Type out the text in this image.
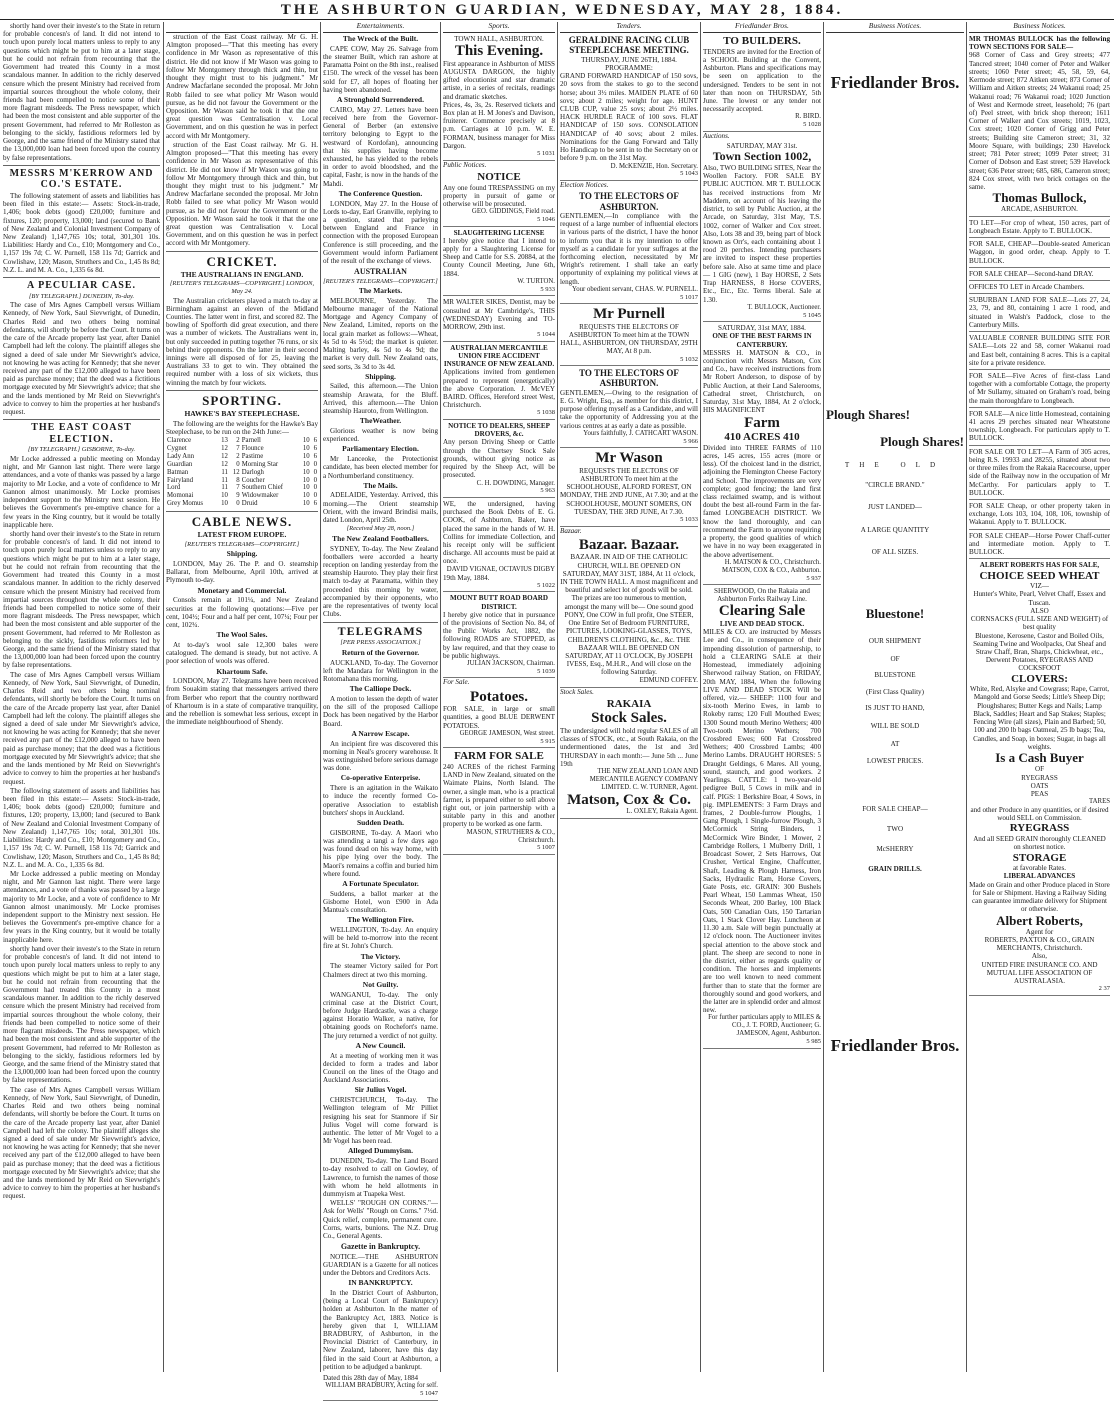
THE ASHBURTON GUARDIAN, WEDNESDAY, MAY 28, 1884.
Entertainments.	Sports.	Tenders.	Friedlander Bros.	Business Notices.	Business Notices.

shortly hand over their investe's to the State in return for probable concesn's of land. It did not intend to touch upon purely local matters unless to reply to any questions which might be put to him at a later stage, but he could not refrain from recounting that the Government had treated this County in a most scandalous manner. In addition to the richly deserved censure which the present Ministry had received from impartial sources throughout the whole colony, their friends had been compelled to notice some of their more flagrant misdeeds. The Press newspaper, which had been the most consistent and able supporter of the present Government, had referred to Mr Rolleston as belonging to the sickly, fastidious reformers led by George, and the same friend of the Ministry stated that the 13,000,000 loan had been forced upon the country by false representations.

MESSRS M'KERROW AND CO.'S ESTATE.

The following statement of assets and liabilities has been filed in this estate:— Assets: Stock-in-trade, 1,406; book debts (good) £20,000; furniture and fixtures, 120; property, 13,000; land (secured to Bank of New Zealand and Colonial Investment Company of New Zealand) 1,147,765 10s; total, 301,301 10s. Liabilities: Hardy and Co., £10; Montgomery and Co., 1,157 19s 7d; C. W. Purnell, 158 11s 7d; Garrick and Cowlishaw, 120; Mason, Struthers and Co., 1,45 8s 8d; N.Z. L. and M. A. Co., 1,335 6s 8d.

A PECULIAR CASE.
[BY TELEGRAPH.] DUNEDIN, To-day.

The case of Mrs Agnes Campbell versus William Kennedy, of New York, Saul Sievwright, of Dunedin, Charles Reid and two others being nominal defendants, will shortly be before the Court. It turns on the care of the Arcade property last year, after Daniel Campbell had left the colony. The plaintiff alleges she signed a deed of sale under Mr Sievwright's advice, not knowing he was acting for Kennedy; that she never received any part of the £12,000 alleged to have been paid as purchase money; that the deed was a fictitious mortgage executed by Mr Sievwright's advice; that she and the lands mentioned by Mr Reid on Sievwright's advice to convey to him the properties at her husband's request.

THE EAST COAST ELECTION.
[BY TELEGRAPH.] GISBORNE, To-day.

Mr Locke addressed a public meeting on Monday night, and Mr Gannon last night. There were large attendances, and a vote of thanks was passed by a large majority to Mr Locke, and a vote of confidence to Mr Gannon almost unanimously. Mr Locke promises independent support to the Ministry next session. He believes the Government's pre-emptive chance for a few years in the King country, but it would be totally inapplicable here.

shortly hand over their investe's to the State in return for probable concesn's of land. It did not intend to touch upon purely local matters unless to reply to any questions which might be put to him at a later stage, but he could not refrain from recounting that the Government had treated this County in a most scandalous manner. In addition to the richly deserved censure which the present Ministry had received from impartial sources throughout the whole colony, their friends had been compelled to notice some of their more flagrant misdeeds. The Press newspaper, which had been the most consistent and able supporter of the present Government, had referred to Mr Rolleston as belonging to the sickly, fastidious reformers led by George, and the same friend of the Ministry stated that the 13,000,000 loan had been forced upon the country by false representations.

The case of Mrs Agnes Campbell versus William Kennedy, of New York, Saul Sievwright, of Dunedin, Charles Reid and two others being nominal defendants, will shortly be before the Court. It turns on the care of the Arcade property last year, after Daniel Campbell had left the colony. The plaintiff alleges she signed a deed of sale under Mr Sievwright's advice, not knowing he was acting for Kennedy; that she never received any part of the £12,000 alleged to have been paid as purchase money; that the deed was a fictitious mortgage executed by Mr Sievwright's advice; that she and the lands mentioned by Mr Reid on Sievwright's advice to convey to him the properties at her husband's request.

The following statement of assets and liabilities has been filed in this estate:— Assets: Stock-in-trade, 1,406; book debts (good) £20,000; furniture and fixtures, 120; property, 13,000; land (secured to Bank of New Zealand and Colonial Investment Company of New Zealand) 1,147,765 10s; total, 301,301 10s. Liabilities: Hardy and Co., £10; Montgomery and Co., 1,157 19s 7d; C. W. Purnell, 158 11s 7d; Garrick and Cowlishaw, 120; Mason, Struthers and Co., 1,45 8s 8d; N.Z. L. and M. A. Co., 1,335 6s 8d.

Mr Locke addressed a public meeting on Monday night, and Mr Gannon last night. There were large attendances, and a vote of thanks was passed by a large majority to Mr Locke, and a vote of confidence to Mr Gannon almost unanimously. Mr Locke promises independent support to the Ministry next session. He believes the Government's pre-emptive chance for a few years in the King country, but it would be totally inapplicable here.

shortly hand over their investe's to the State in return for probable concesn's of land. It did not intend to touch upon purely local matters unless to reply to any questions which might be put to him at a later stage, but he could not refrain from recounting that the Government had treated this County in a most scandalous manner. In addition to the richly deserved censure which the present Ministry had received from impartial sources throughout the whole colony, their friends had been compelled to notice some of their more flagrant misdeeds. The Press newspaper, which had been the most consistent and able supporter of the present Government, had referred to Mr Rolleston as belonging to the sickly, fastidious reformers led by George, and the same friend of the Ministry stated that the 13,000,000 loan had been forced upon the country by false representations.

The case of Mrs Agnes Campbell versus William Kennedy, of New York, Saul Sievwright, of Dunedin, Charles Reid and two others being nominal defendants, will shortly be before the Court. It turns on the care of the Arcade property last year, after Daniel Campbell had left the colony. The plaintiff alleges she signed a deed of sale under Mr Sievwright's advice, not knowing he was acting for Kennedy; that she never received any part of the £12,000 alleged to have been paid as purchase money; that the deed was a fictitious mortgage executed by Mr Sievwright's advice; that she and the lands mentioned by Mr Reid on Sievwright's advice to convey to him the properties at her husband's request.

struction of the East Coast railway. Mr G. H. Almgton proposed—"That this meeting has every confidence in Mr Wason as representative of this district. He did not know if Mr Wason was going to follow Mr Montgomery through thick and thin, but thought they might trust to his judgment." Mr Andrew Macfarlane seconded the proposal. Mr John Robb failed to see what policy Mr Wason would pursue, as he did not favour the Government or the Opposition. Mr Wason said he took it that the one great question was Centralisation v. Local Government, and on this question he was in perfect accord with Mr Montgomery.

struction of the East Coast railway. Mr G. H. Almgton proposed—"That this meeting has every confidence in Mr Wason as representative of this district. He did not know if Mr Wason was going to follow Mr Montgomery through thick and thin, but thought they might trust to his judgment." Mr Andrew Macfarlane seconded the proposal. Mr John Robb failed to see what policy Mr Wason would pursue, as he did not favour the Government or the Opposition. Mr Wason said he took it that the one great question was Centralisation v. Local Government, and on this question he was in perfect accord with Mr Montgomery.

CRICKET.
THE AUSTRALIANS IN ENGLAND.
[REUTER'S TELEGRAMS—COPYRIGHT.] LONDON, May 24.

The Australian cricketers played a match to-day at Birmingham against an eleven of the Midland Counties. The latter went in first, and scored 82. The bowling of Spofforth did great execution, and there was a number of wickets. The Australians went in, but only succeeded in putting together 76 runs, or six behind their opponents. On the latter in their second innings were all disposed of for 25, leaving the Australians 33 to get to win. They obtained the required number with a loss of six wickets, thus winning the match by four wickets.

SPORTING.
HAWKE'S BAY STEEPLECHASE.

The following are the weights for the Hawke's Bay Steeplechase, to be run on the 24th June:—

Clarence	13	2	Parnell	10	6
Cygnet	12	7	Flounce	10	6
Lady Ann	12	2	Pastime	10	6
Guardian	12	0	Morning Star	10	0
Batman	11	12	Darlogh	10	0
Fairyland	11	8	Coucher	10	0
Lord	11	7	Southern Chief	10	0
Momonai	10	9	Widowmaker	10	0
Grey Momus	10	0	Druid	10	6
CABLE NEWS.
LATEST FROM EUROPE.
[REUTER'S TELEGRAMS—COPYRIGHT.]
Shipping.

LONDON, May 26. The P. and O. steamship Ballarat, from Melbourne, April 10th, arrived at Plymouth to-day.

Monetary and Commercial.

Consols remain at 101¼, and New Zealand securities at the following quotations:—Five per cent, 104½; Four and a half per cent, 107¼; Four per cent, 102¾.

The Wool Sales.

At to-day's wool sale 12,300 bales were catalogued. The demand is steady, but not active. A poor selection of wools was offered.

Khartoum Safe.

LONDON, May 27. Telegrams have been received from Souakim stating that messengers arrived there from Berber who report that the country northward of Khartoum is in a state of comparative tranquility, and the rebellion is somewhat less serious, except in the immediate neighbourhood of Shendy.

The Wreck of the Built.

CAPE COW, May 26. Salvage from the steamer Built, which ran ashore at Paramatta Point on the 8th inst., realised £150. The wreck of the vessel has been sold for £7, all hopes of floating her having been abandoned.

A Stronghold Surrendered.

CAIRO, May 27. Letters have been received here from the Governor-General of Berber (an extensive territory belonging to Egypt to the westward of Kordofan), announcing that his supplies having become exhausted, he has yielded to the rebels in order to avoid bloodshed, and the capital, Fashr, is now in the hands of the Mahdi.

The Conference Question.

LONDON, May 27. In the House of Lords to-day, Earl Granville, replying to a question, stated that parleying between England and France in connection with the proposed European Conference is still proceeding, and the Government would inform Parliament of the result of the exchange of views.

AUSTRALIAN
[REUTER'S TELEGRAMS—COPYRIGHT.]
The Markets.

MELBOURNE, Yesterday. The Melbourne manager of the National Mortgage and Agency Company of New Zealand, Limited, reports on the local grain market as follows:—Wheat, 4s 5d to 4s 5½d; the market is quieter. Malting barley, 4s 5d to 4s 9d; the market is very dull. New Zealand oats, seed sorts, 3s 3d to 3s 4d.

Shipping.

Sailed, this afternoon.—The Union steamship Arawata, for the Bluff. Arrived, this afternoon.—The Union steamship Hauroto, from Wellington.

TheWeather.

Glorious weather is now being experienced.

Parliamentary Election.

Mr Lanceoke, the Protectionist candidate, has been elected member for a Northumberland constituency.

The Mails.

ADELAIDE, Yesterday. Arrived, this morning.—The Orient steamship Orient, with the inward Brindisi mails, dated London, April 25th.

[Received May 28, noon.]
The New Zealand Footballers.

SYDNEY, To-day. The New Zealand footballers were accorded a hearty reception on landing yesterday from the steamship Hauroto. They play their first match to-day at Paramatta, within they proceeded this morning by water, accompanied by their opponents, who are the representatives of twenty local Clubs.

TELEGRAMS
[PER PRESS ASSOCIATION.]
Return of the Governor.

AUCKLAND, To-day. The Governor left the Mandara for Wellington in the Rotomahana this morning.

The Calliope Dock.

A motion to lessen the depth of water on the sill of the proposed Calliope Dock has been negatived by the Harbor Board.

A Narrow Escape.

An incipient fire was discovered this morning in Neal's grocery warehouse. It was extinguished before serious damage was done.

Co-operative Enterprise.

There is an agitation in the Waikato to induce the recently formed Co-operative Association to establish butchers' shops in Auckland.

Sudden Death.

GISBORNE, To-day. A Maori who was attending a tangi a few days ago was found dead on his way home, with his pipe lying over the body. The Maori's remains a coffin and buried him where found.

A Fortunate Speculator.

Suddens, a ballot marker at the Gisborne Hotel, won £900 in Ada Mantua's consultation.

The Wellington Fire.

WELLINGTON, To-day. An enquiry will be held to-morrow into the recent fire at St. John's Church.

The Victory.

The steamer Victory sailed for Port Chalmers direct at two this morning.

Not Guilty.

WANGANUI, To-day. The only criminal case at the District Court, before Judge Hardcastle, was a charge against Horatio Walker, a native, for obtaining goods on Rochefort's name. The jury returned a verdict of not guilty.

A New Council.

At a meeting of working men it was decided to form a trades and labor Council on the lines of the Otago and Auckland Associations.

Sir Julius Vogel.

CHRISTCHURCH, To-day. The Wellington telegram of Mr Pilliet resigning his seat for Stanmore if Sir Julius Vogel will come forward is authentic. The letter of Mr Vogel to a Mr Vogel has been read.

Alleged Dummyism.

DUNEDIN, To-day. The Land Board to-day resolved to call on Gowley, of Lawrence, to furnish the names of those with whom he held allotments in dummyism at Tuapeka West.

WELLS' "ROUGH ON CORNS."—Ask for Wells' "Rough on Corns." 7½d. Quick relief, complete, permanent cure. Corns, warts, bunions. The N.Z. Drug Co., General Agents.

Gazette in Bankruptcy.

NOTICE.—THE ASHBURTON GUARDIAN is a Gazette for all notices under the Debtors and Creditors Acts.

IN BANKRUPTCY.

In the District Court of Ashburton, (being a Local Court of Bankruptcy) holden at Ashburton. In the matter of the Bankruptcy Act, 1883. Notice is hereby given that I, WILLIAM BRADBURY, of Ashburton, in the Provincial District of Canterbury, in New Zealand, laborer, have this day filed in the said Court at Ashburton, a petition to be adjudged a bankrupt.

Dated this 28th day of May, 1884
WILLIAM BRADBURY, Acting for self.
5 1047
TOWN HALL, ASHBURTON.
This Evening.
First appearance in Ashburton of MISS AUGUSTA DARGON, the highly gifted elocutionist and star dramatic artiste, in a series of recitals, readings and dramatic sketches.
Prices, 4s, 3s, 2s. Reserved tickets and Box plan at H. M Jones's and Davison, fruiterer. Commence precisely at 8 p.m. Carriages at 10 p.m. W. E. FORMAN, business manager for Miss Dargon.
5 1031
Public Notices.
NOTICE
Any one found TRESPASSING on my property in pursuit of game or otherwise will be prosecuted.
GEO. GIDDINGS, Field road.
5 1046
SLAUGHTERING LICENSE
I hereby give notice that I intend to apply for a Slaughtering License for Sheep and Cattle for S.S. 20884, at the County Council Meeting, June 6th, 1884.
W. TURTON.
5 933
MR WALTER SIKES, Dentist, may be consulted at Mr Cambridge's, THIS (WEDNESDAY) Evening and TO-MORROW, 29th inst.
5 1044
AUSTRALIAN MERCANTILE UNION FIRE ACCIDENT INSURANCE OF NEW ZEALAND.
Applications invited from gentlemen prepared to represent (energetically) the above Corporation. J. McVEY BAIRD. Offices, Hereford street West, Christchurch.
5 1038
NOTICE TO DEALERS, SHEEP DROVERS, &c.
Any person Driving Sheep or Cattle through the Chertsey Stock Sale grounds, without giving notice as required by the Sheep Act, will be prosecuted.
C. H. DOWDING, Manager.
5 963
WE, the undersigned, having purchased the Book Debts of E. G. COOK, of Ashburton, Baker, have placed the same in the hands of W. H. Collins for immediate Collection, and his receipt only will be sufficient discharge. All accounts must be paid at once.
DAVID VIGNAE, OCTAVIUS DIGBY
19th May, 1884.
5 1022
MOUNT BUTT ROAD BOARD DISTRICT.
I hereby give notice that in pursuance of the provisions of Section No. 84, of the Public Works Act, 1882, the following ROADS are STOPPED, as by law required, and that they cease to be public highways.
JULIAN JACKSON, Chairman.
5 1039
For Sale.
Potatoes.
FOR SALE, in large or small quantities, a good BLUE DERWENT POTATOES.
GEORGE JAMESON, West street.
5 915
FARM FOR SALE
240 ACRES of the richest Farming LAND in New Zealand, situated on the Waimate Plains, North Island. The owner, a single man, who is a practical farmer, is prepared either to sell above right out, or join partnership with a suitable party in this and another property to be worked as one farm.
MASON, STRUTHERS & CO., Christchurch.
5 1007
GERALDINE RACING CLUB STEEPLECHASE MEETING.
THURSDAY, JUNE 26TH, 1884.
PROGRAMME:
GRAND FORWARD HANDICAP of 150 sovs, 20 sovs from the stakes to go to the second horse; about 3½ miles. MAIDEN PLATE of 60 sovs; about 2 miles; weight for age. HUNT CLUB CUP, value 25 sovs; about 2½ miles. HACK HURDLE RACE of 100 sovs. FLAT HANDICAP of 150 sovs. CONSOLATION HANDICAP of 40 sovs; about 2 miles. Nominations for the Gang Forward and Tally Ho Handicap to be sent in to the Secretary on or before 9 p.m. on the 31st May.
D. McKENZIE, Hon. Secretary.
5 1043
Election Notices.
TO THE ELECTORS OF ASHBURTON.
GENTLEMEN,—In compliance with the request of a large number of influential electors in various parts of the district, I have the honor to inform you that it is my intention to offer myself as a candidate for your suffrages at the forthcoming election, necessitated by Mr Wright's retirement. I shall take an early opportunity of explaining my political views at length.
Your obedient servant, CHAS. W. PURNELL.
5 1017
Mr Purnell
REQUESTS THE ELECTORS OF ASHBURTON To meet him at the TOWN HALL, ASHBURTON, ON THURSDAY, 29TH MAY, At 8 p.m.
5 1032
TO THE ELECTORS OF ASHBURTON.
GENTLEMEN,—Owing to the resignation of E. G. Wright, Esq., as member for this district, I purpose offering myself as a Candidate, and will take the opportunity of Addressing you at the various centres at as early a date as possible.
Yours faithfully, J. CATHCART WASON.
5 966
Mr Wason
REQUESTS THE ELECTORS OF ASHBURTON To meet him at the SCHOOLHOUSE, ALFORD FOREST, ON MONDAY, THE 2ND JUNE, At 7.30; and at the SCHOOLHOUSE, MOUNT SOMERS, ON TUESDAY, THE 3RD JUNE, At 7.30.
5 1033
Bazaar.
Bazaar. Bazaar.
BAZAAR. IN AID OF THE CATHOLIC CHURCH, WILL BE OPENED ON SATURDAY, MAY 31ST, 1884, At 11 o'clock, IN THE TOWN HALL. A most magnificent and beautiful and select lot of goods will be sold. The prizes are too numerous to mention, amongst the many will be— One sound good PONY, One COW in full profit, One STEER, One Entire Set of Bedroom FURNITURE, PICTURES, LOOKING-GLASSES, TOYS, CHILDREN'S CLOTHING, &c., &c. THE BAZAAR WILL BE OPENED ON SATURDAY, AT 11 O'CLOCK, By JOSEPH IVESS, Esq., M.H.R., And will close on the following Saturday.
EDMUND COFFEY.
Stock Sales.
RAKAIA
Stock Sales.
The undersigned will hold regular SALES of all classes of STOCK, etc., at South Rakaia, on the undermentioned dates, the 1st and 3rd THURSDAY in each month:— June 5th ... June 19th
THE NEW ZEALAND LOAN AND MERCANTILE AGENCY COMPANY LIMITED. C. W. TURNER, Agent.
Matson, Cox & Co.
L. OXLEY, Rakaia Agent.
TO BUILDERS.
TENDERS are invited for the Erection of a SCHOOL Building at the Convent, Ashburton. Plans and specifications may be seen on application to the undersigned. Tenders to be sent in not later than noon on THURSDAY, 5th June. The lowest or any tender not necessarily accepted.
R. BIRD.
5 1028
Auctions.
SATURDAY, MAY 31st.
Town Section 1002,
Also, TWO BUILDING SITES, Near the Woollen Factory. FOR SALE BY PUBLIC AUCTION. MR T. BULLOCK has received instructions from Mr Maddern, on account of his leaving the district, to sell by Public Auction, at the Arcade, on Saturday, 31st May, T.S. 1002, corner of Walker and Cox street. Also, Lots 38 and 39, being part of block known as Orr's, each containing about 1 rood 20 perches. Intending purchasers are invited to inspect these properties before sale. Also at same time and place— 1 GIG (new), 1 Bay HORSE, 2 Sets Trap HARNESS, 8 Horse COVERS, Etc., Etc., Etc. Terms liberal. Sale at 1.30.
T. BULLOCK, Auctioneer.
5 1045
SATURDAY, 31st MAY, 1884.
ONE OF THE BEST FARMS IN CANTERBURY.
MESSRS H. MATSON & CO., in conjunction with Messrs Matson, Cox and Co., have received instructions from Mr Robert Anderson, to dispose of by Public Auction, at their Land Salerooms, Cathedral street, Christchurch, on Saturday, 31st May, 1884, At 2 o'clock, HIS MAGNIFICENT
Farm
410 ACRES 410
Divided into THREE FARMS of 110 acres, 145 acres, 155 acres (more or less). Of the choicest land in the district, adjoining the Flemington Cheese Factory and School. The improvements are very complete; good fencing; the land first class reclaimed swamp, and is without doubt the best all-round Farm in the far-famed LONGBEACH DISTRICT. We know the land thoroughly, and can recommend the Farm to anyone requiring a property, the good qualities of which we have in no way been exaggerated in the above advertisement.
H. MATSON & CO., Christchurch. MATSON, COX & CO., Ashburton.
5 937
SHERWOOD, On the Rakaia and Ashburton Forks Railway Line.
Clearing Sale
LIVE AND DEAD STOCK.
MILES & CO. are instructed by Messrs Lee and Co., in consequence of their impending dissolution of partnership, to hold a CLEARING SALE at their Homestead, immediately adjoining Sherwood railway Station, on FRIDAY, 20th MAY, 1884, When the following LIVE AND DEAD STOCK Will be offered, viz.— SHEEP: 1100 four and six-tooth Merino Ewes, in lamb to Rokeby rams; 120 Full Mouthed Ewes; 1300 Sound mouth Merino Wethers; 400 Two-tooth Merino Wethers; 700 Crossbred Ewes; 600 Fat Crossbred Wethers; 400 Crossbred Lambs; 400 Merino Lambs. DRAUGHT HORSES: 5 Draught Geldings, 6 Mares. All young, sound, staunch, and good workers. 2 Yearlings. CATTLE: 1 two-year-old pedigree Bull, 5 Cows in milk and in calf. PIGS: 1 Berkshire Boar, 4 Sows, in pig. IMPLEMENTS: 3 Farm Drays and frames, 2 Double-furrow Ploughs, 1 Gang Plough, 1 Single-furrow Plough, 3 McCormick String Binders, 1 McCormick Wire Binder, 1 Mower, 2 Cambridge Rollers, 1 Mulberry Drill, 1 Broadcast Sower, 2 Sets Harrows, Oat Crusher, Vertical Engine, Chaffcutter, Shaft, Leading & Plough Harness, Iron Sacks, Hydraulic Ram, Horse Covers, Gate Posts, etc. GRAIN: 300 Bushels Pearl Wheat, 150 Lammas Wheat, 150 Seconds Wheat, 200 Barley, 100 Black Oats, 500 Canadian Oats, 150 Tartarian Oats, 1 Stack Clover Hay. Luncheon at 11.30 a.m. Sale will begin punctually at 12 o'clock noon. The Auctioneer invites special attention to the above stock and plant. The sheep are second to none in the district, either as regards quality or condition. The horses and implements are too well known to need comment further than to state that the former are thoroughly sound and good workers, and the latter are in splendid order and almost new.
For further particulars apply to MILES & CO., J. T. FORD, Auctioneer; G. JAMESON, Agent, Ashburton.
5 985
Friedlander Bros.
Plough Shares!
Plough Shares!
THE OLD
"CIRCLE BRAND."
JUST LANDED—
A LARGE QUANTITY
OF ALL SIZES.
Bluestone!
OUR SHIPMENT
OF
BLUESTONE
(First Class Quality)
IS JUST TO HAND,
WILL BE SOLD
AT
LOWEST PRICES.
FOR SALE CHEAP—
TWO
McSHERRY
GRAIN DRILLS.
Friedlander Bros.
MR THOMAS BULLOCK has the following TOWN SECTIONS FOR SALE—
968 Corner of Cass and Grey streets; 477 Tancred street; 1040 corner of Peter and Walker streets; 1060 Peter street; 45, 58, 59, 64, Kermode street; 872 Aitken street; 873 Corner of William and Aitken streets; 24 Wakanui road; 25 Wakanui road; 76 Wakanui road; 1020 Junction of West and Kermode street, leasehold; 76 (part of) Peel street, with brick shop thereon; 1611 Corner of Walker and Cox streets; 1019, 1023, Cox street; 1020 Corner of Grigg and Peter streets; Building site Cameron street; 31, 32 Moore Square, with buildings; 230 Havelock street; 781 Peter street; 1099 Peter street; 31 Corner of Dobson and East street; 539 Havelock street; 636 Peter street; 685, 686, Cameron street; 824 Cox street, with two brick cottages on the same.
Thomas Bullock,
ARCADE, ASHBURTON.
TO LET—For crop of wheat, 150 acres, part of Longbeach Estate. Apply to T. BULLOCK.
FOR SALE, CHEAP—Double-seated American Waggon, in good order, cheap. Apply to T. BULLOCK.
FOR SALE CHEAP—Second-hand DRAY.
OFFICES TO LET in Arcade Chambers.
SUBURBAN LAND FOR SALE—Lots 27, 24, 23, 79, and 80, containing 1 acre 1 rood, and situated in Walsh's Paddock, close to the Canterbury Mills.
VALUABLE CORNER BUILDING SITE FOR SALE—Lots 22 and 58, corner Wakanui road and East belt, containing 8 acres. This is a capital site for a private residence.
FOR SALE—Five Acres of first-class Land together with a comfortable Cottage, the property of Mr Sullamy, situated on Graham's road, being the main thoroughfare to Longbeach.
FOR SALE—A nice little Homestead, containing 41 acres 29 perches situated near Wheatstone township, Longbeach. For particulars apply to T. BULLOCK.
FOR SALE OR TO LET—A Farm of 305 acres, being R.S. 19933 and 28255, situated about two or three miles from the Rakaia Racecourse, upper side of the Railway now in the occupation of Mr McCarthy. For particulars apply to T. BULLOCK.
FOR SALE Cheap, or other property taken in exchange, Lots 103, 104, 108, 106, township of Wakanui. Apply to T. BULLOCK.
FOR SALE CHEAP—Horse Power Chaff-cutter and intermediate motion. Apply to T. BULLOCK.
ALBERT ROBERTS HAS FOR SALE,
CHOICE SEED WHEAT
VIZ—
Hunter's White, Pearl, Velvet Chaff, Essex and Tuscan.
ALSO
CORNSACKS (FULL SIZE AND WEIGHT) of best quality
Bluestone, Kerosene, Castor and Boiled Oils, Seaming Twine and Woolpacks, Oat Sheaf and Straw Chaff, Bran, Sharps, Chickwheat, etc., Derwent Potatoes, RYEGRASS AND COCKSFOOT
CLOVERS:
White, Red, Alsyke and Cowgrass; Rape, Carrot, Mangold and Gorse Seeds; Little's Sheep Dip; Ploughshares; Butter Kegs and Nails; Lamp Black, Saddles; Heart and Sap Stakes; Staples; Fencing Wire (all sizes), Plain and Barbed; 50, 100 and 200 lb bags Oatmeal, 25 lb bags; Tea, Candles, and Soap, in boxes; Sugar, in bags all weights.
Is a Cash Buyer
OF
RYEGRASS
OATS
PEAS
TARES
and other Produce in any quantities, or if desired would SELL on Commission.
RYEGRASS
And all SEED GRAIN thoroughly CLEANED on shortest notice.
STORAGE
at favorable Rates.
LIBERAL ADVANCES
Made on Grain and other Produce placed in Store for Sale or Shipment. Having a Railway Siding can guarantee immediate delivery for Shipment or otherwise.
Albert Roberts,
Agent for
ROBERTS, PAXTON & CO., GRAIN MERCHANTS, Christchurch.
Also,
UNITED FIRE INSURANCE CO. AND MUTUAL LIFE ASSOCIATION OF AUSTRALASIA.
2 37
